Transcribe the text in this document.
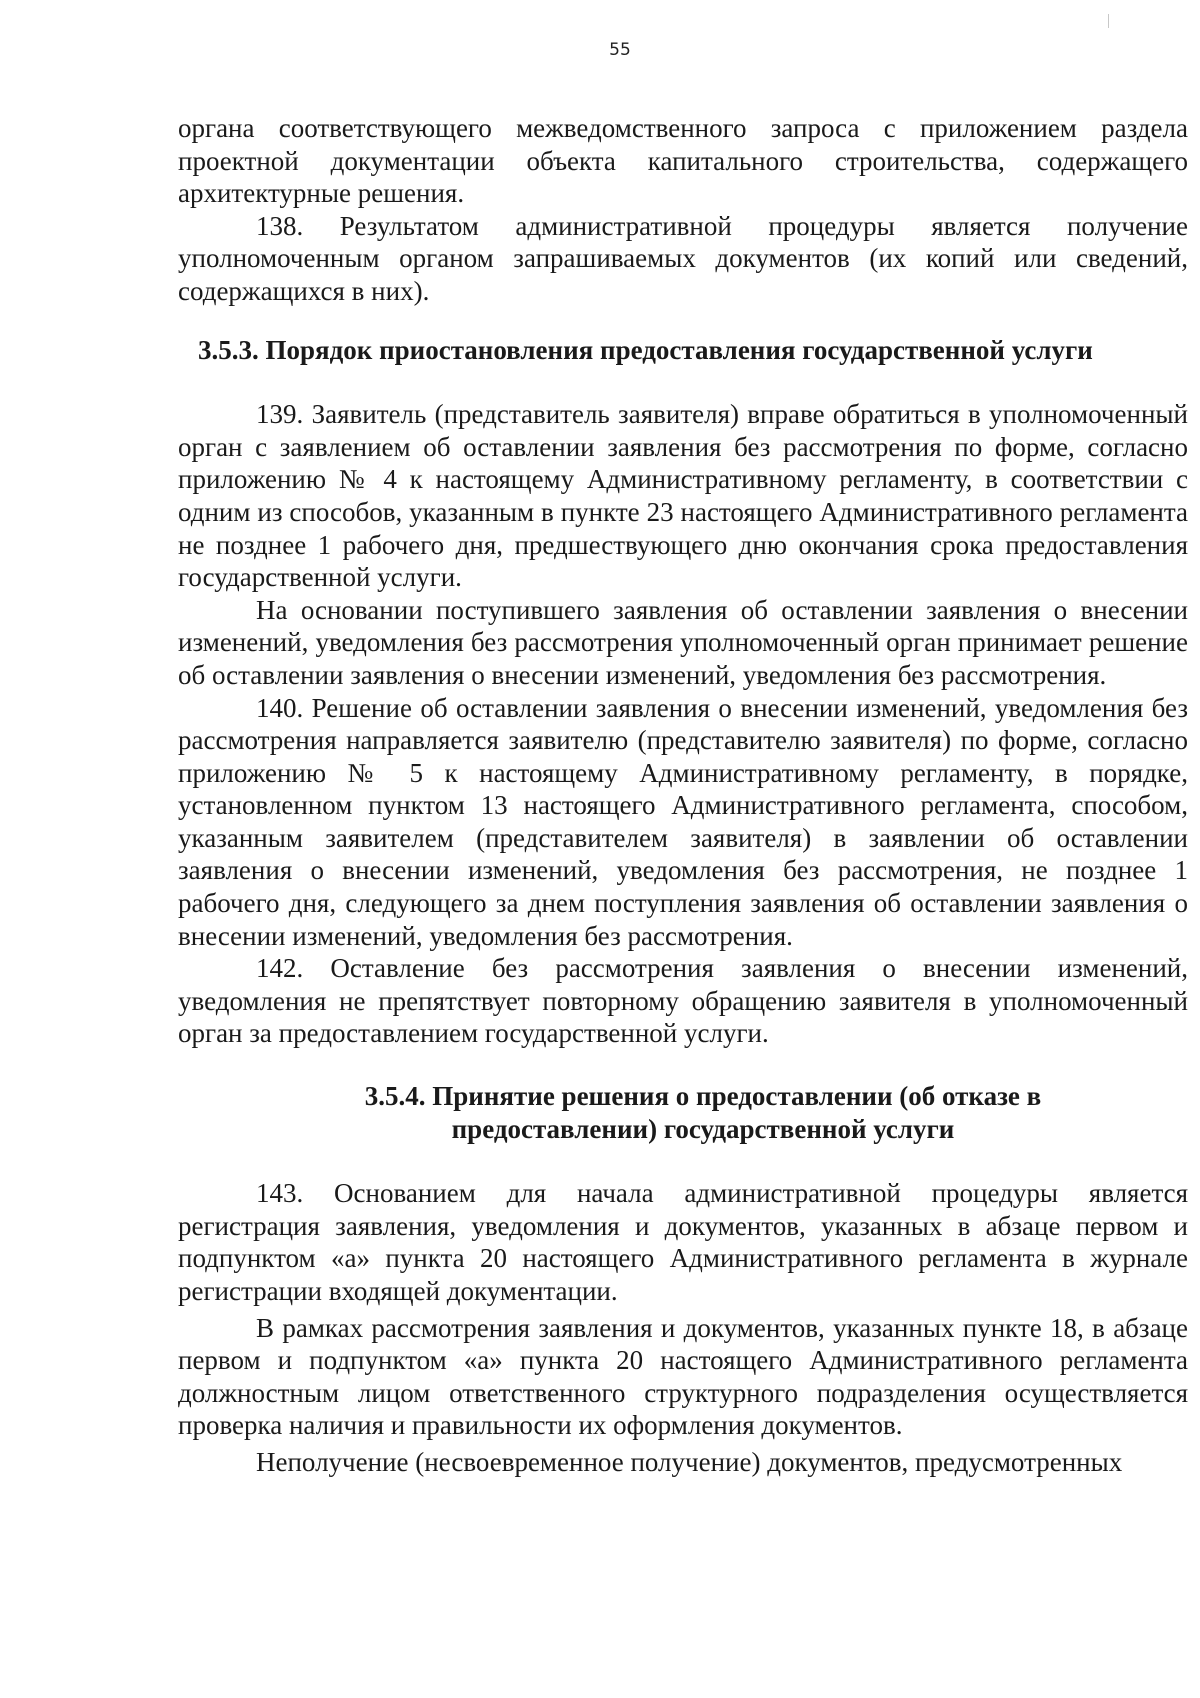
55

органа соответствующего межведомственного запроса с приложением раздела проектной документации объекта капитального строительства, содержащего архитектурные решения.

138. Результатом административной процедуры является получение уполномоченным органом запрашиваемых документов (их копий или сведений, содержащихся в них).

3.5.3. Порядок приостановления предоставления государственной услуги

139. Заявитель (представитель заявителя) вправе обратиться в уполномоченный орган с заявлением об оставлении заявления без рассмотрения по форме, согласно приложению № 4 к настоящему Административному регламенту, в соответствии с одним из способов, указанным в пункте 23 настоящего Административного регламента не позднее 1 рабочего дня, предшествующего дню окончания срока предоставления государственной услуги.

На основании поступившего заявления об оставлении заявления о внесении изменений, уведомления без рассмотрения уполномоченный орган принимает решение об оставлении заявления о внесении изменений, уведомления без рассмотрения.

140. Решение об оставлении заявления о внесении изменений, уведомления без рассмотрения направляется заявителю (представителю заявителя) по форме, согласно приложению № 5 к настоящему Административному регламенту, в порядке, установленном пунктом 13 настоящего Административного регламента, способом, указанным заявителем (представителем заявителя) в заявлении об оставлении заявления о внесении изменений, уведомления без рассмотрения, не позднее 1 рабочего дня, следующего за днем поступления заявления об оставлении заявления о внесении изменений, уведомления без рассмотрения.

142. Оставление без рассмотрения заявления о внесении изменений, уведомления не препятствует повторному обращению заявителя в уполномоченный орган за предоставлением государственной услуги.

3.5.4. Принятие решения о предоставлении (об отказе в
предоставлении) государственной услуги

143. Основанием для начала административной процедуры является регистрация заявления, уведомления и документов, указанных в абзаце первом и подпунктом «а» пункта 20 настоящего Административного регламента в журнале регистрации входящей документации.

В рамках рассмотрения заявления и документов, указанных пункте 18, в абзаце первом и подпунктом «а» пункта 20 настоящего Административного регламента должностным лицом ответственного структурного подразделения осуществляется проверка наличия и правильности их оформления документов.

Неполучение (несвоевременное получение) документов, предусмотренных
